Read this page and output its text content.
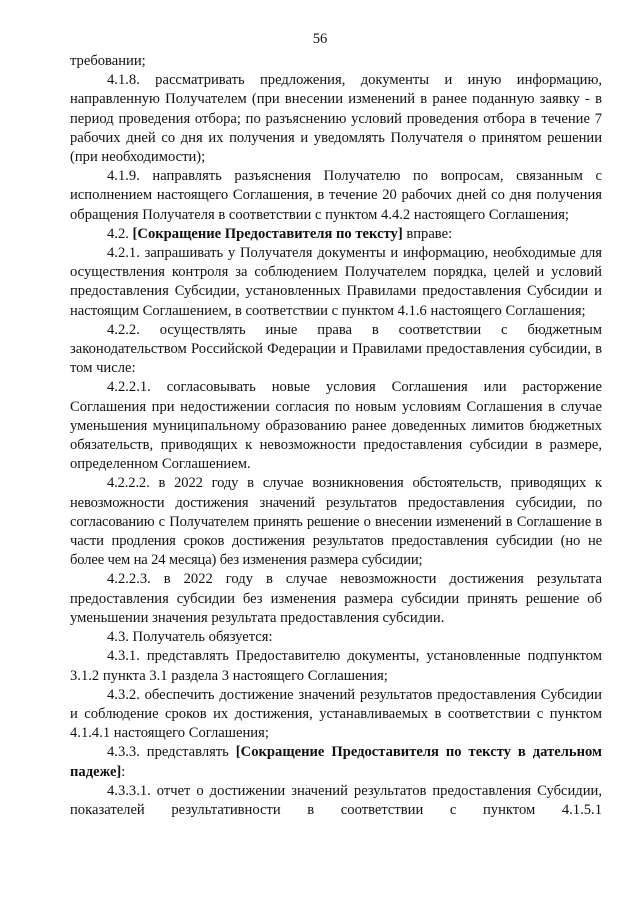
56

требовании;

4.1.8. рассматривать предложения, документы и иную информацию, направленную Получателем (при внесении изменений в ранее поданную заявку - в период проведения отбора; по разъяснению условий проведения отбора в течение 7 рабочих дней со дня их получения и уведомлять Получателя о принятом решении (при необходимости);

4.1.9. направлять разъяснения Получателю по вопросам, связанным с исполнением настоящего Соглашения, в течение 20 рабочих дней со дня получения обращения Получателя в соответствии с пунктом 4.4.2 настоящего Соглашения;

4.2. [Сокращение Предоставителя по тексту] вправе:

4.2.1. запрашивать у Получателя документы и информацию, необходимые для осуществления контроля за соблюдением Получателем порядка, целей и условий предоставления Субсидии, установленных Правилами предоставления Субсидии и настоящим Соглашением, в соответствии с пунктом 4.1.6 настоящего Соглашения;

4.2.2. осуществлять иные права в соответствии с бюджетным законодательством Российской Федерации и Правилами предоставления субсидии, в том числе:

4.2.2.1. согласовывать новые условия Соглашения или расторжение Соглашения при недостижении согласия по новым условиям Соглашения в случае уменьшения муниципальному образованию ранее доведенных лимитов бюджетных обязательств, приводящих к невозможности предоставления субсидии в размере, определенном Соглашением.

4.2.2.2. в 2022 году в случае возникновения обстоятельств, приводящих к невозможности достижения значений результатов предоставления субсидии, по согласованию с Получателем принять решение о внесении изменений в Соглашение в части продления сроков достижения результатов предоставления субсидии (но не более чем на 24 месяца) без изменения размера субсидии;

4.2.2.3. в 2022 году в случае невозможности достижения результата предоставления субсидии без изменения размера субсидии принять решение об уменьшении значения результата предоставления субсидии.

4.3. Получатель обязуется:

4.3.1. представлять Предоставителю документы, установленные подпунктом 3.1.2 пункта 3.1 раздела 3 настоящего Соглашения;

4.3.2. обеспечить достижение значений результатов предоставления Субсидии и соблюдение сроков их достижения, устанавливаемых в соответствии с пунктом 4.1.4.1 настоящего Соглашения;

4.3.3. представлять [Сокращение Предоставителя по тексту в дательном падеже]:

4.3.3.1. отчет о достижении значений результатов предоставления Субсидии, показателей результативности в соответствии с пунктом 4.1.5.1
